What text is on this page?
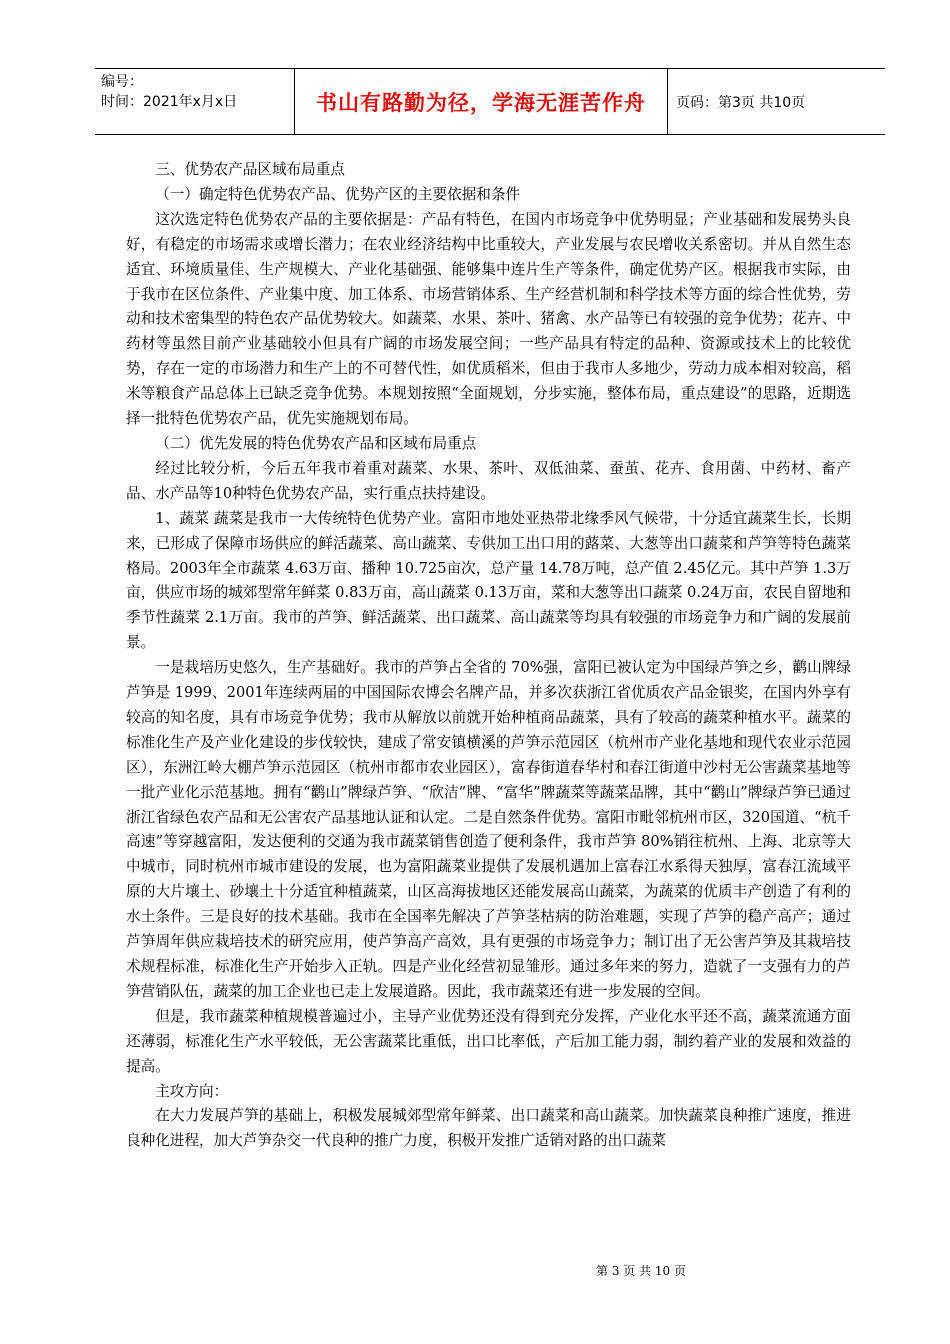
编号：
时间：2021年x月x日	书山有路勤为径，学海无涯苦作舟	页码：第3页 共10页

三、优势农产品区域布局重点

（一）确定特色优势农产品、优势产区的主要依据和条件

这次选定特色优势农产品的主要依据是：产品有特色，在国内市场竞争中优势明显；产业基础和发展势头良好，有稳定的市场需求或增长潜力；在农业经济结构中比重较大，产业发展与农民增收关系密切。并从自然生态适宜、环境质量佳、生产规模大、产业化基础强、能够集中连片生产等条件，确定优势产区。根据我市实际，由于我市在区位条件、产业集中度、加工体系、市场营销体系、生产经营机制和科学技术等方面的综合性优势，劳动和技术密集型的特色农产品优势较大。如蔬菜、水果、茶叶、猪禽、水产品等已有较强的竞争优势；花卉、中药材等虽然目前产业基础较小但具有广阔的市场发展空间；一些产品具有特定的品种、资源或技术上的比较优势，存在一定的市场潜力和生产上的不可替代性，如优质稻米，但由于我市人多地少，劳动力成本相对较高，稻米等粮食产品总体上已缺乏竞争优势。本规划按照“全面规划，分步实施，整体布局，重点建设”的思路，近期选择一批特色优势农产品，优先实施规划布局。

（二）优先发展的特色优势农产品和区域布局重点

经过比较分析，今后五年我市着重对蔬菜、水果、茶叶、双低油菜、蚕茧、花卉、食用菌、中药材、畜产品、水产品等10种特色优势农产品，实行重点扶持建设。

1、蔬菜 蔬菜是我市一大传统特色优势产业。富阳市地处亚热带北缘季风气候带，十分适宜蔬菜生长，长期来，已形成了保障市场供应的鲜活蔬菜、高山蔬菜、专供加工出口用的蕗菜、大葱等出口蔬菜和芦笋等特色蔬菜格局。2003年全市蔬菜 4.63万亩、播种 10.725亩次，总产量 14.78万吨，总产值 2.45亿元。其中芦笋 1.3万亩，供应市场的城郊型常年鲜菜 0.83万亩，高山蔬菜 0.13万亩，菜和大葱等出口蔬菜 0.24万亩，农民自留地和季节性蔬菜 2.1万亩。我市的芦笋、鲜活蔬菜、出口蔬菜、高山蔬菜等均具有较强的市场竞争力和广阔的发展前景。

一是栽培历史悠久，生产基础好。我市的芦笋占全省的 70%强，富阳已被认定为中国绿芦笋之乡，鹳山牌绿芦笋是 1999、2001年连续两届的中国国际农博会名牌产品，并多次获浙江省优质农产品金银奖，在国内外享有较高的知名度，具有市场竞争优势；我市从解放以前就开始种植商品蔬菜，具有了较高的蔬菜种植水平。蔬菜的标准化生产及产业化建设的步伐较快，建成了常安镇横溪的芦笋示范园区（杭州市产业化基地和现代农业示范园区），东洲江岭大棚芦笋示范园区（杭州市都市农业园区），富春街道春华村和春江街道中沙村无公害蔬菜基地等一批产业化示范基地。拥有“鹳山”牌绿芦笋、“欣洁”牌、“富华”牌蔬菜等蔬菜品牌，其中“鹳山”牌绿芦笋已通过浙江省绿色农产品和无公害农产品基地认证和认定。二是自然条件优势。富阳市毗邻杭州市区，320国道、“杭千高速”等穿越富阳，发达便利的交通为我市蔬菜销售创造了便利条件，我市芦笋 80%销往杭州、上海、北京等大中城市，同时杭州市城市建设的发展，也为富阳蔬菜业提供了发展机遇加上富春江水系得天独厚，富春江流域平原的大片壤土、砂壤土十分适宜种植蔬菜，山区高海拔地区还能发展高山蔬菜，为蔬菜的优质丰产创造了有利的水土条件。三是良好的技术基础。我市在全国率先解决了芦笋茎枯病的防治难题，实现了芦笋的稳产高产；通过芦笋周年供应栽培技术的研究应用，使芦笋高产高效，具有更强的市场竞争力；制订出了无公害芦笋及其栽培技术规程标准，标准化生产开始步入正轨。四是产业化经营初显雏形。通过多年来的努力，造就了一支强有力的芦笋营销队伍，蔬菜的加工企业也已走上发展道路。因此，我市蔬菜还有进一步发展的空间。

但是，我市蔬菜种植规模普遍过小，主导产业优势还没有得到充分发挥，产业化水平还不高，蔬菜流通方面还薄弱，标准化生产水平较低，无公害蔬菜比重低，出口比率低，产后加工能力弱，制约着产业的发展和效益的提高。

主攻方向：

在大力发展芦笋的基础上，积极发展城郊型常年鲜菜、出口蔬菜和高山蔬菜。加快蔬菜良种推广速度，推进良种化进程，加大芦笋杂交一代良种的推广力度，积极开发推广适销对路的出口蔬菜

第 3 页 共 10 页
